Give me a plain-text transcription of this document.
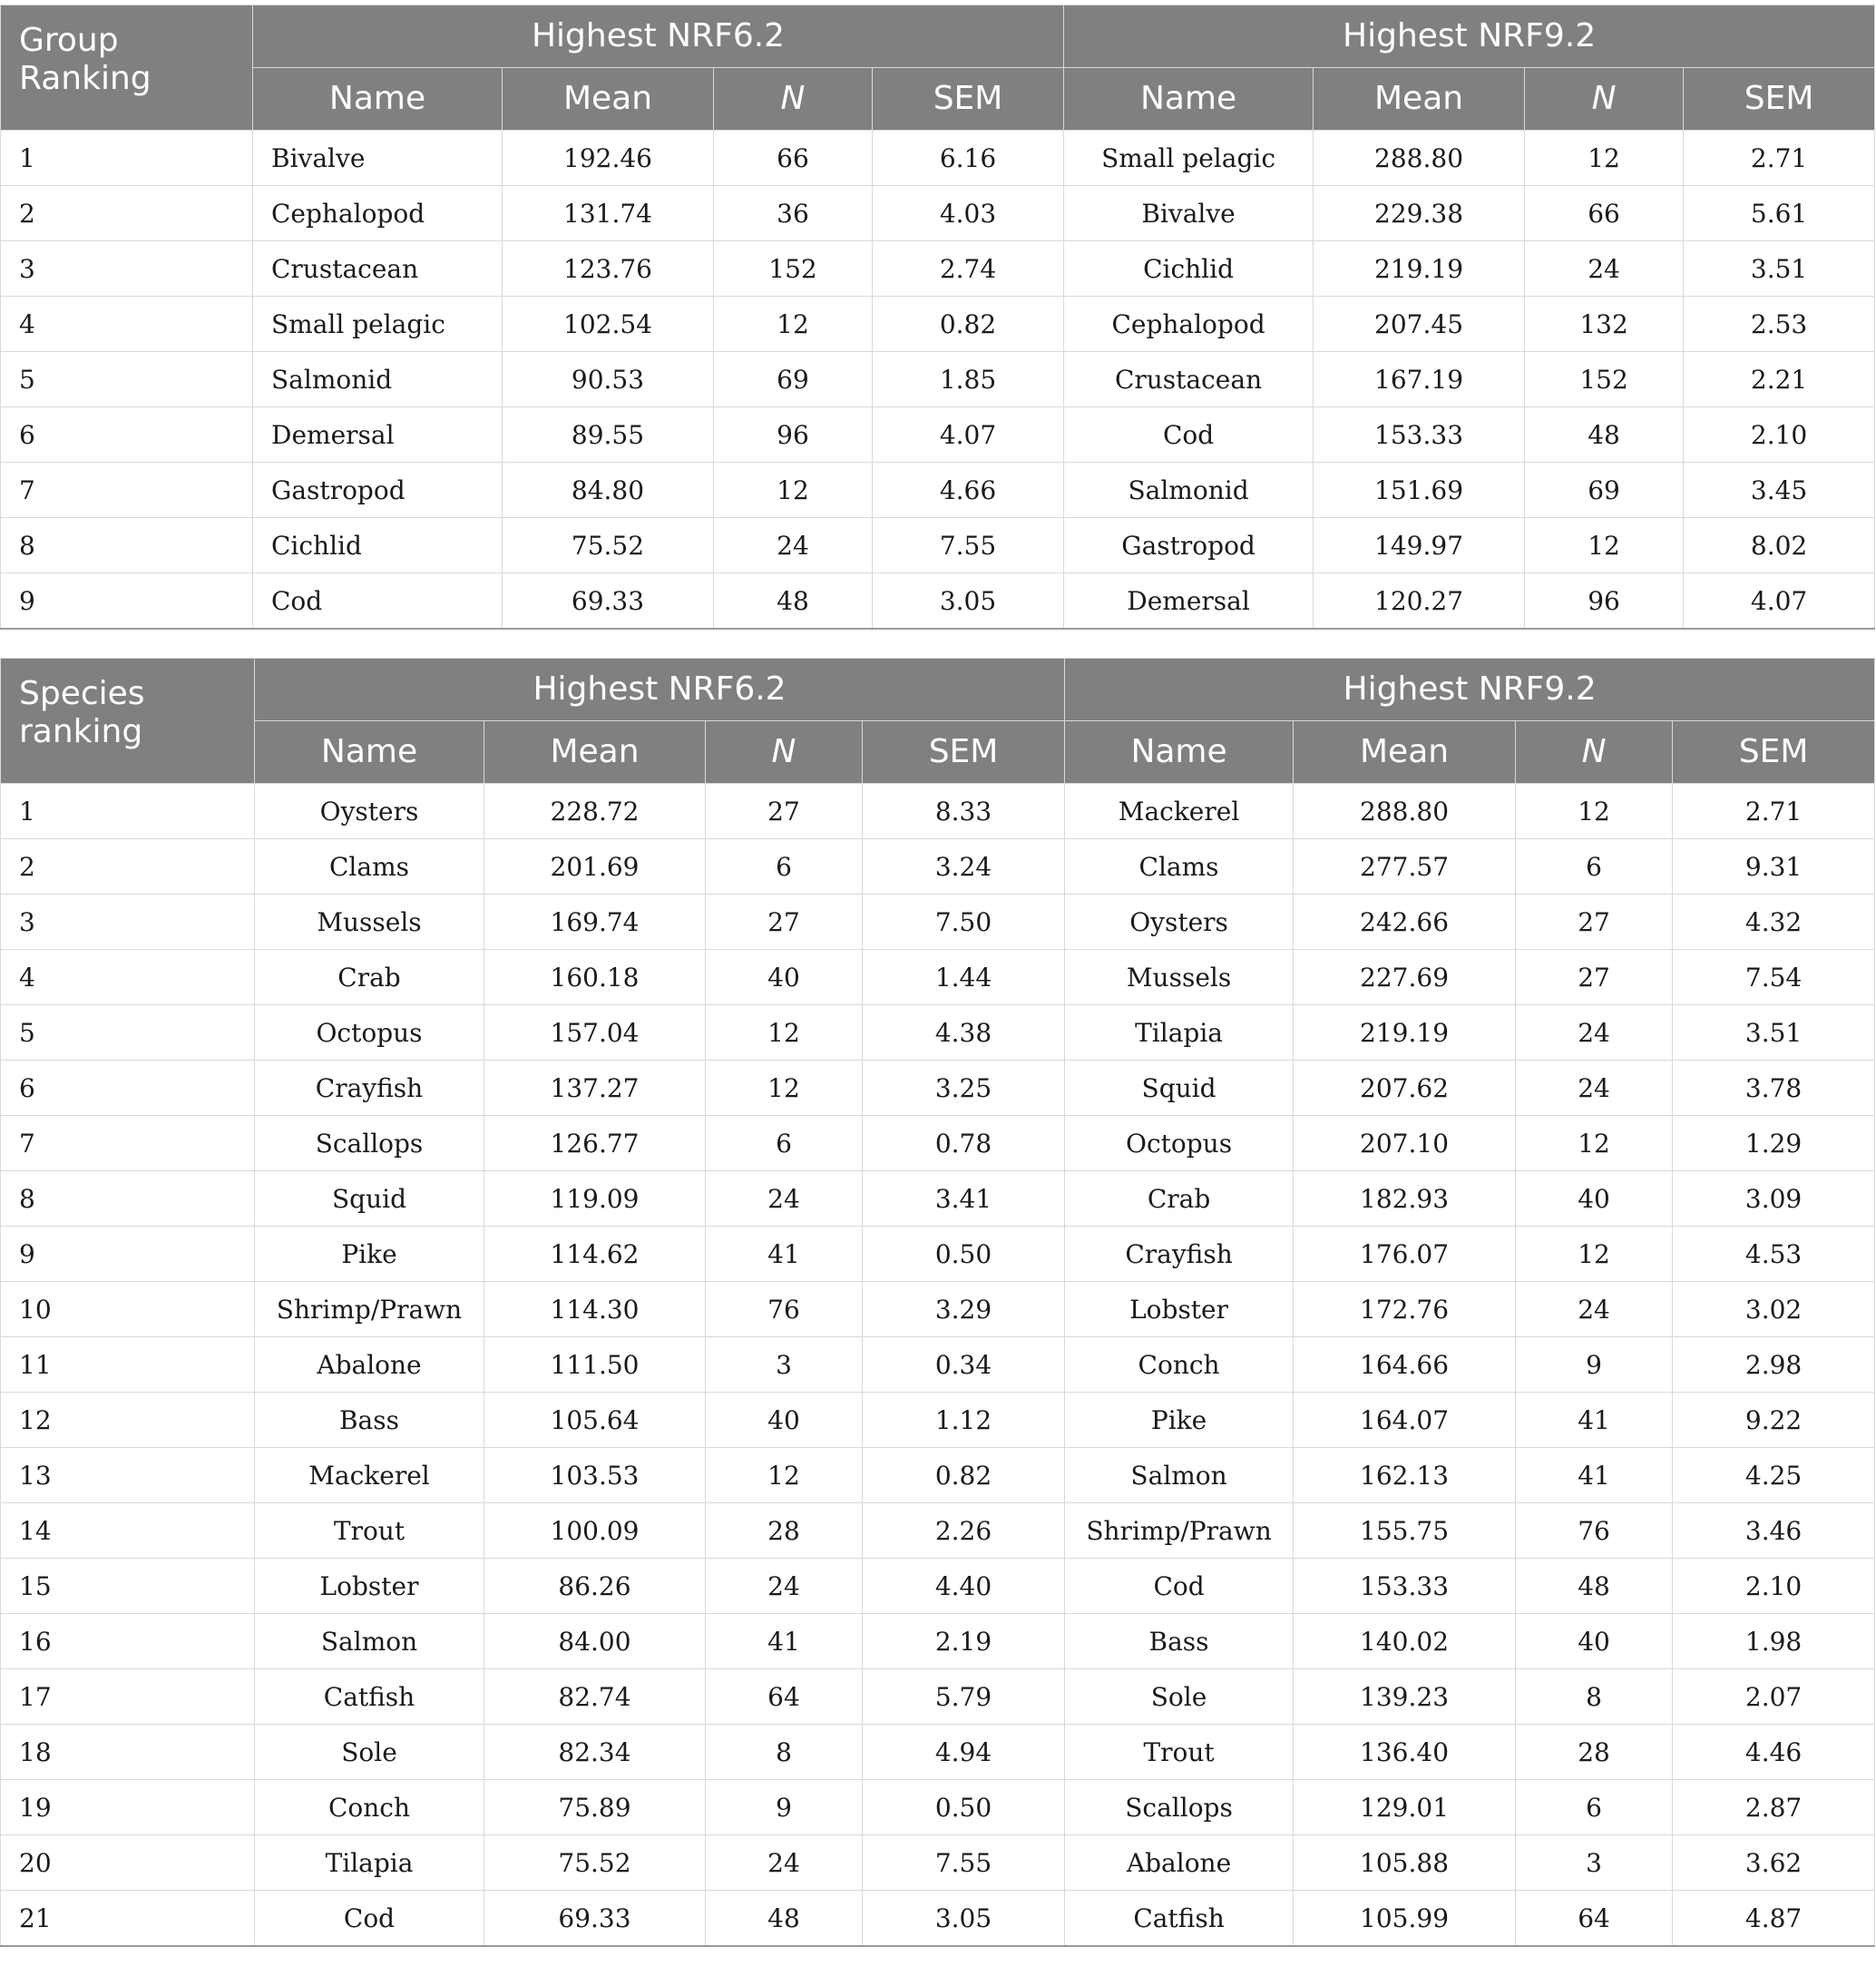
Group Ranking	Highest NRF6.2				Highest NRF9.2			
	Name	Mean	N	SEM	Name	Mean	N	SEM
1	Bivalve	192.46	66	6.16	Small pelagic	288.80	12	2.71
2	Cephalopod	131.74	36	4.03	Bivalve	229.38	66	5.61
3	Crustacean	123.76	152	2.74	Cichlid	219.19	24	3.51
4	Small pelagic	102.54	12	0.82	Cephalopod	207.45	132	2.53
5	Salmonid	90.53	69	1.85	Crustacean	167.19	152	2.21
6	Demersal	89.55	96	4.07	Cod	153.33	48	2.10
7	Gastropod	84.80	12	4.66	Salmonid	151.69	69	3.45
8	Cichlid	75.52	24	7.55	Gastropod	149.97	12	8.02
9	Cod	69.33	48	3.05	Demersal	120.27	96	4.07
Species ranking	Highest NRF6.2				Highest NRF9.2			
	Name	Mean	N	SEM	Name	Mean	N	SEM
1	Oysters	228.72	27	8.33	Mackerel	288.80	12	2.71
2	Clams	201.69	6	3.24	Clams	277.57	6	9.31
3	Mussels	169.74	27	7.50	Oysters	242.66	27	4.32
4	Crab	160.18	40	1.44	Mussels	227.69	27	7.54
5	Octopus	157.04	12	4.38	Tilapia	219.19	24	3.51
6	Crayfish	137.27	12	3.25	Squid	207.62	24	3.78
7	Scallops	126.77	6	0.78	Octopus	207.10	12	1.29
8	Squid	119.09	24	3.41	Crab	182.93	40	3.09
9	Pike	114.62	41	0.50	Crayfish	176.07	12	4.53
10	Shrimp/Prawn	114.30	76	3.29	Lobster	172.76	24	3.02
11	Abalone	111.50	3	0.34	Conch	164.66	9	2.98
12	Bass	105.64	40	1.12	Pike	164.07	41	9.22
13	Mackerel	103.53	12	0.82	Salmon	162.13	41	4.25
14	Trout	100.09	28	2.26	Shrimp/Prawn	155.75	76	3.46
15	Lobster	86.26	24	4.40	Cod	153.33	48	2.10
16	Salmon	84.00	41	2.19	Bass	140.02	40	1.98
17	Catfish	82.74	64	5.79	Sole	139.23	8	2.07
18	Sole	82.34	8	4.94	Trout	136.40	28	4.46
19	Conch	75.89	9	0.50	Scallops	129.01	6	2.87
20	Tilapia	75.52	24	7.55	Abalone	105.88	3	3.62
21	Cod	69.33	48	3.05	Catfish	105.99	64	4.87
